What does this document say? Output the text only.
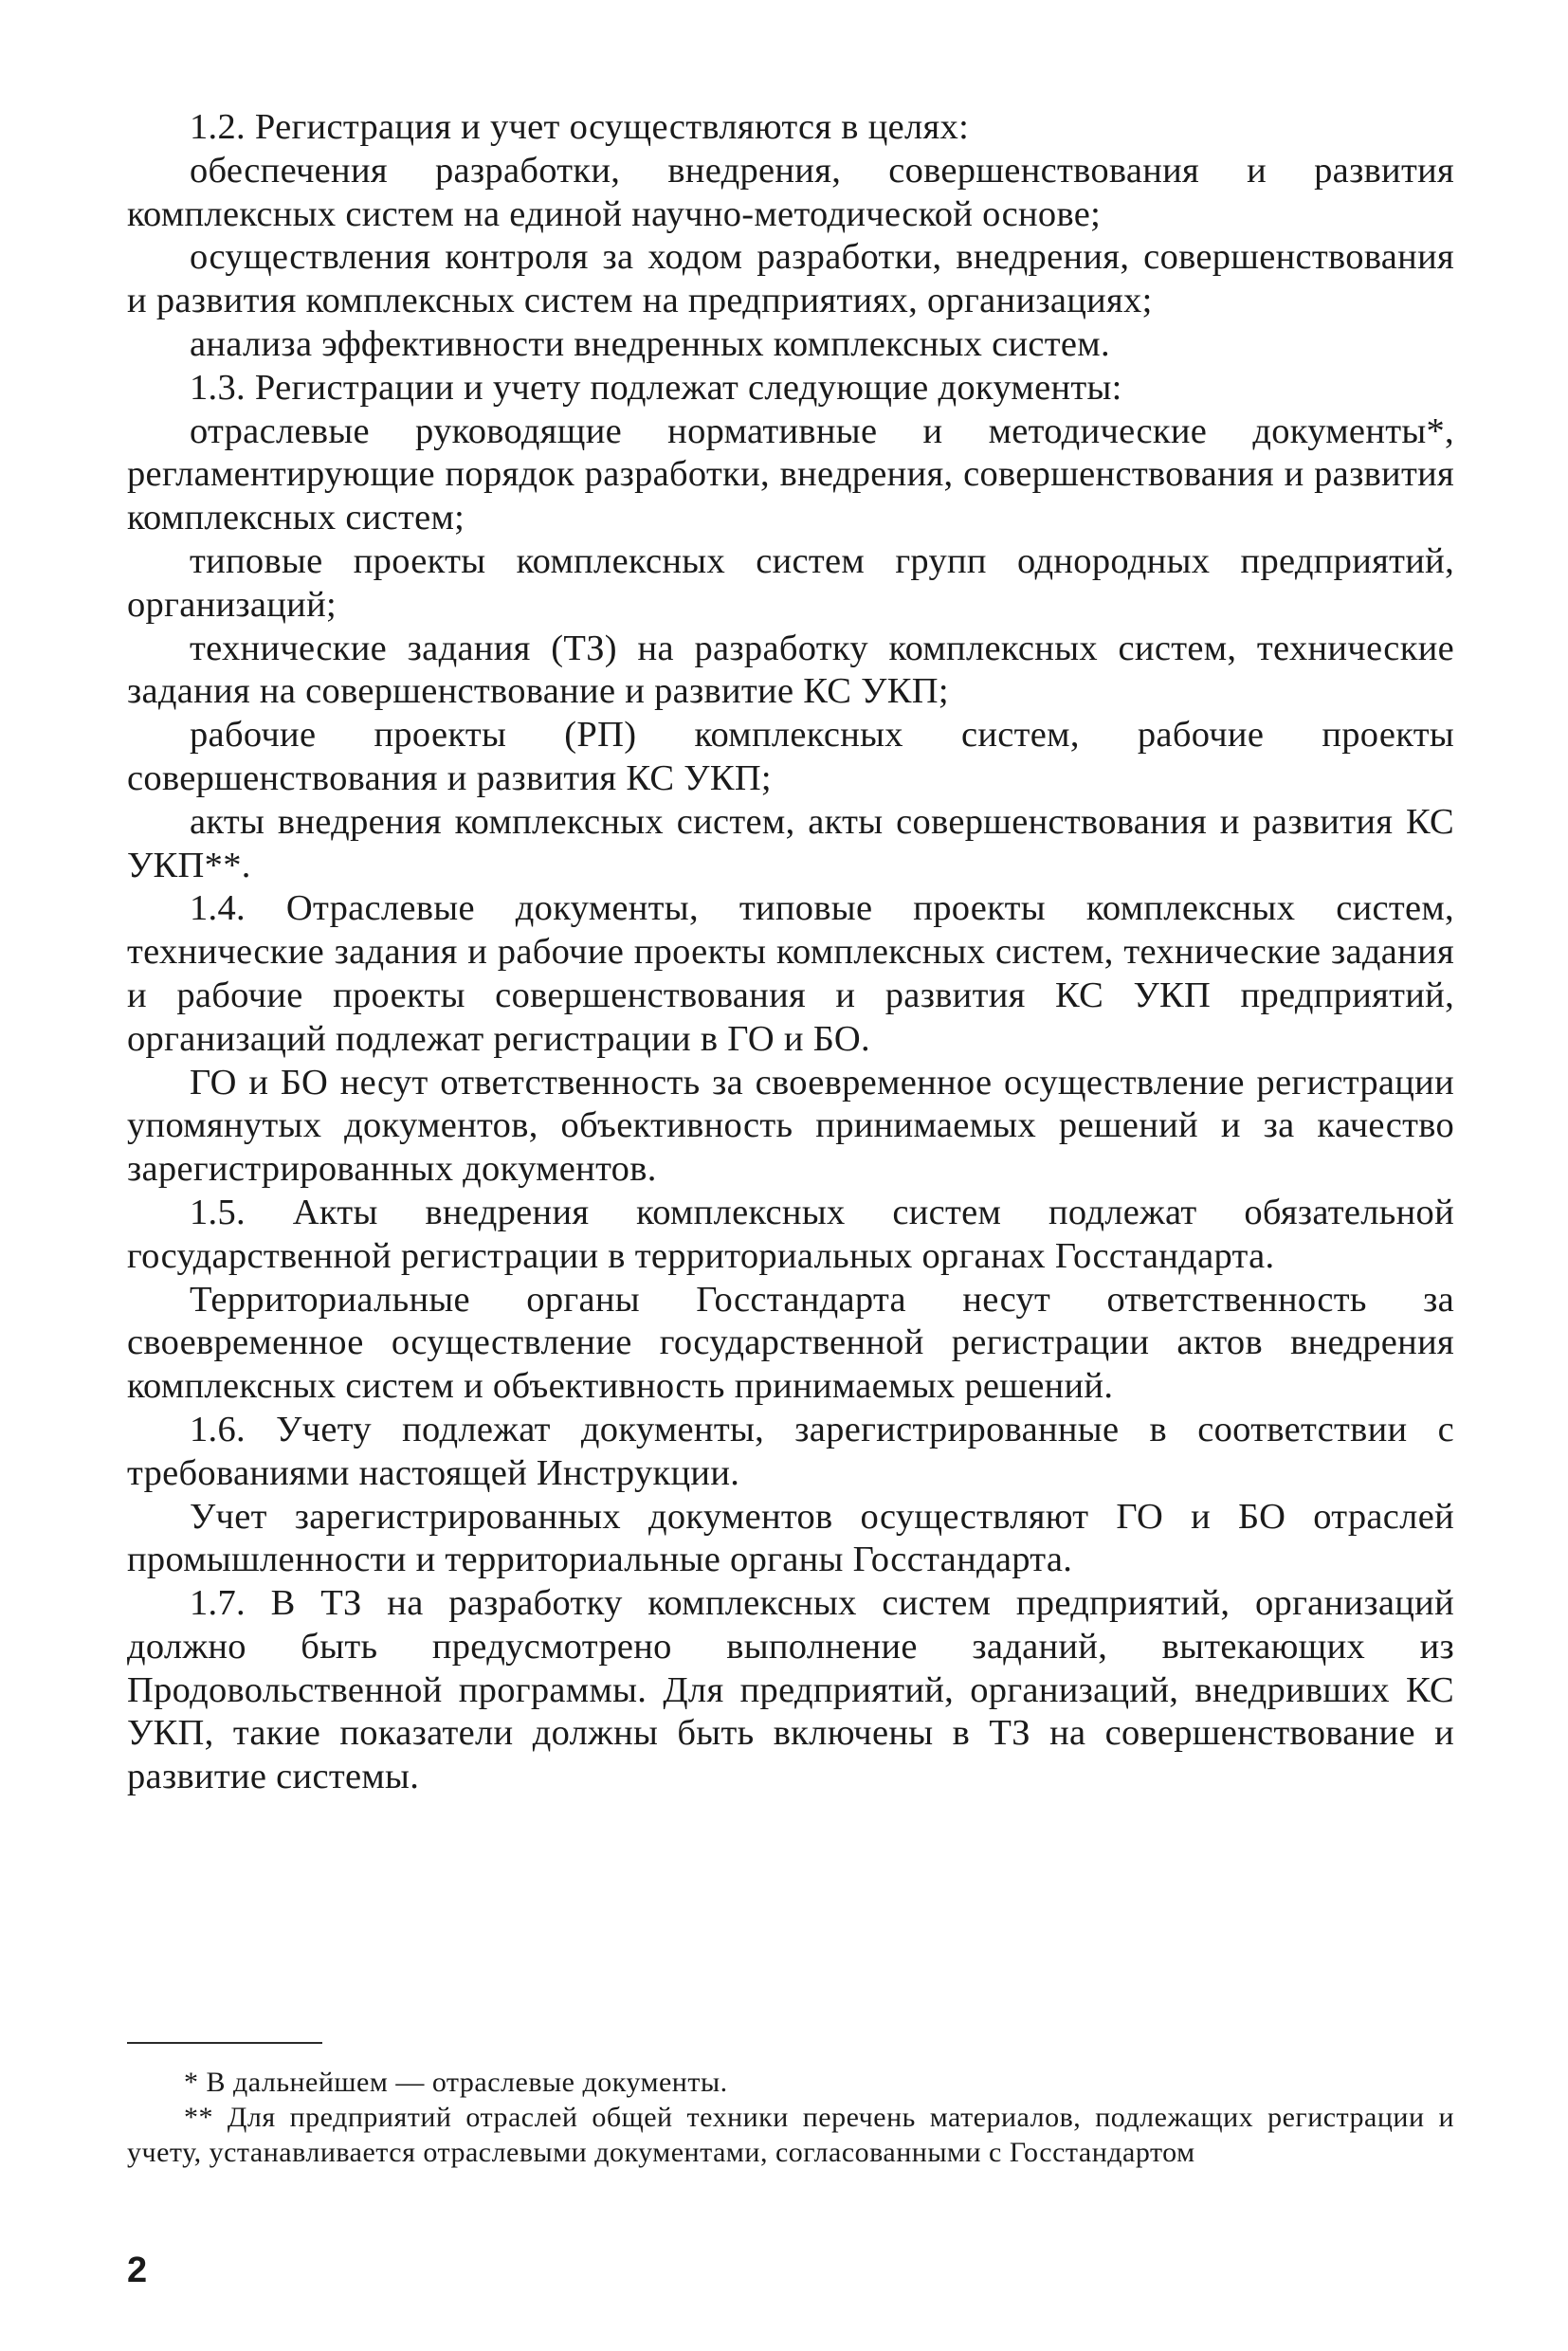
1.2. Регистрация и учет осуществляются в целях:

обеспечения разработки, внедрения, совершенствования и развития комплексных систем на единой научно-методической основе;

осуществления контроля за ходом разработки, внедрения, совершенствования и развития комплексных систем на предприятиях, организациях;

анализа эффективности внедренных комплексных систем.

1.3. Регистрации и учету подлежат следующие документы:

отраслевые руководящие нормативные и методические документы*, регламентирующие порядок разработки, внедрения, совершенствования и развития комплексных систем;

типовые проекты комплексных систем групп однородных предприятий, организаций;

технические задания (ТЗ) на разработку комплексных систем, технические задания на совершенствование и развитие КС УКП;

рабочие проекты (РП) комплексных систем, рабочие проекты совершенствования и развития КС УКП;

акты внедрения комплексных систем, акты совершенствования и развития КС УКП**.

1.4. Отраслевые документы, типовые проекты комплексных систем, технические задания и рабочие проекты комплексных систем, технические задания и рабочие проекты совершенствования и развития КС УКП предприятий, организаций подлежат регистрации в ГО и БО.

ГО и БО несут ответственность за своевременное осуществление регистрации упомянутых документов, объективность принимаемых решений и за качество зарегистрированных документов.

1.5. Акты внедрения комплексных систем подлежат обязательной государственной регистрации в территориальных органах Госстандарта.

Территориальные органы Госстандарта несут ответственность за своевременное осуществление государственной регистрации актов внедрения комплексных систем и объективность принимаемых решений.

1.6. Учету подлежат документы, зарегистрированные в соответствии с требованиями настоящей Инструкции.

Учет зарегистрированных документов осуществляют ГО и БО отраслей промышленности и территориальные органы Госстандарта.

1.7. В ТЗ на разработку комплексных систем предприятий, организаций должно быть предусмотрено выполнение заданий, вытекающих из Продовольственной программы. Для предприятий, организаций, внедривших КС УКП, такие показатели должны быть включены в ТЗ на совершенствование и развитие системы.

* В дальнейшем — отраслевые документы.

** Для предприятий отраслей общей техники перечень материалов, подлежащих регистрации и учету, устанавливается отраслевыми документами, согласованными с Госстандартом

2
